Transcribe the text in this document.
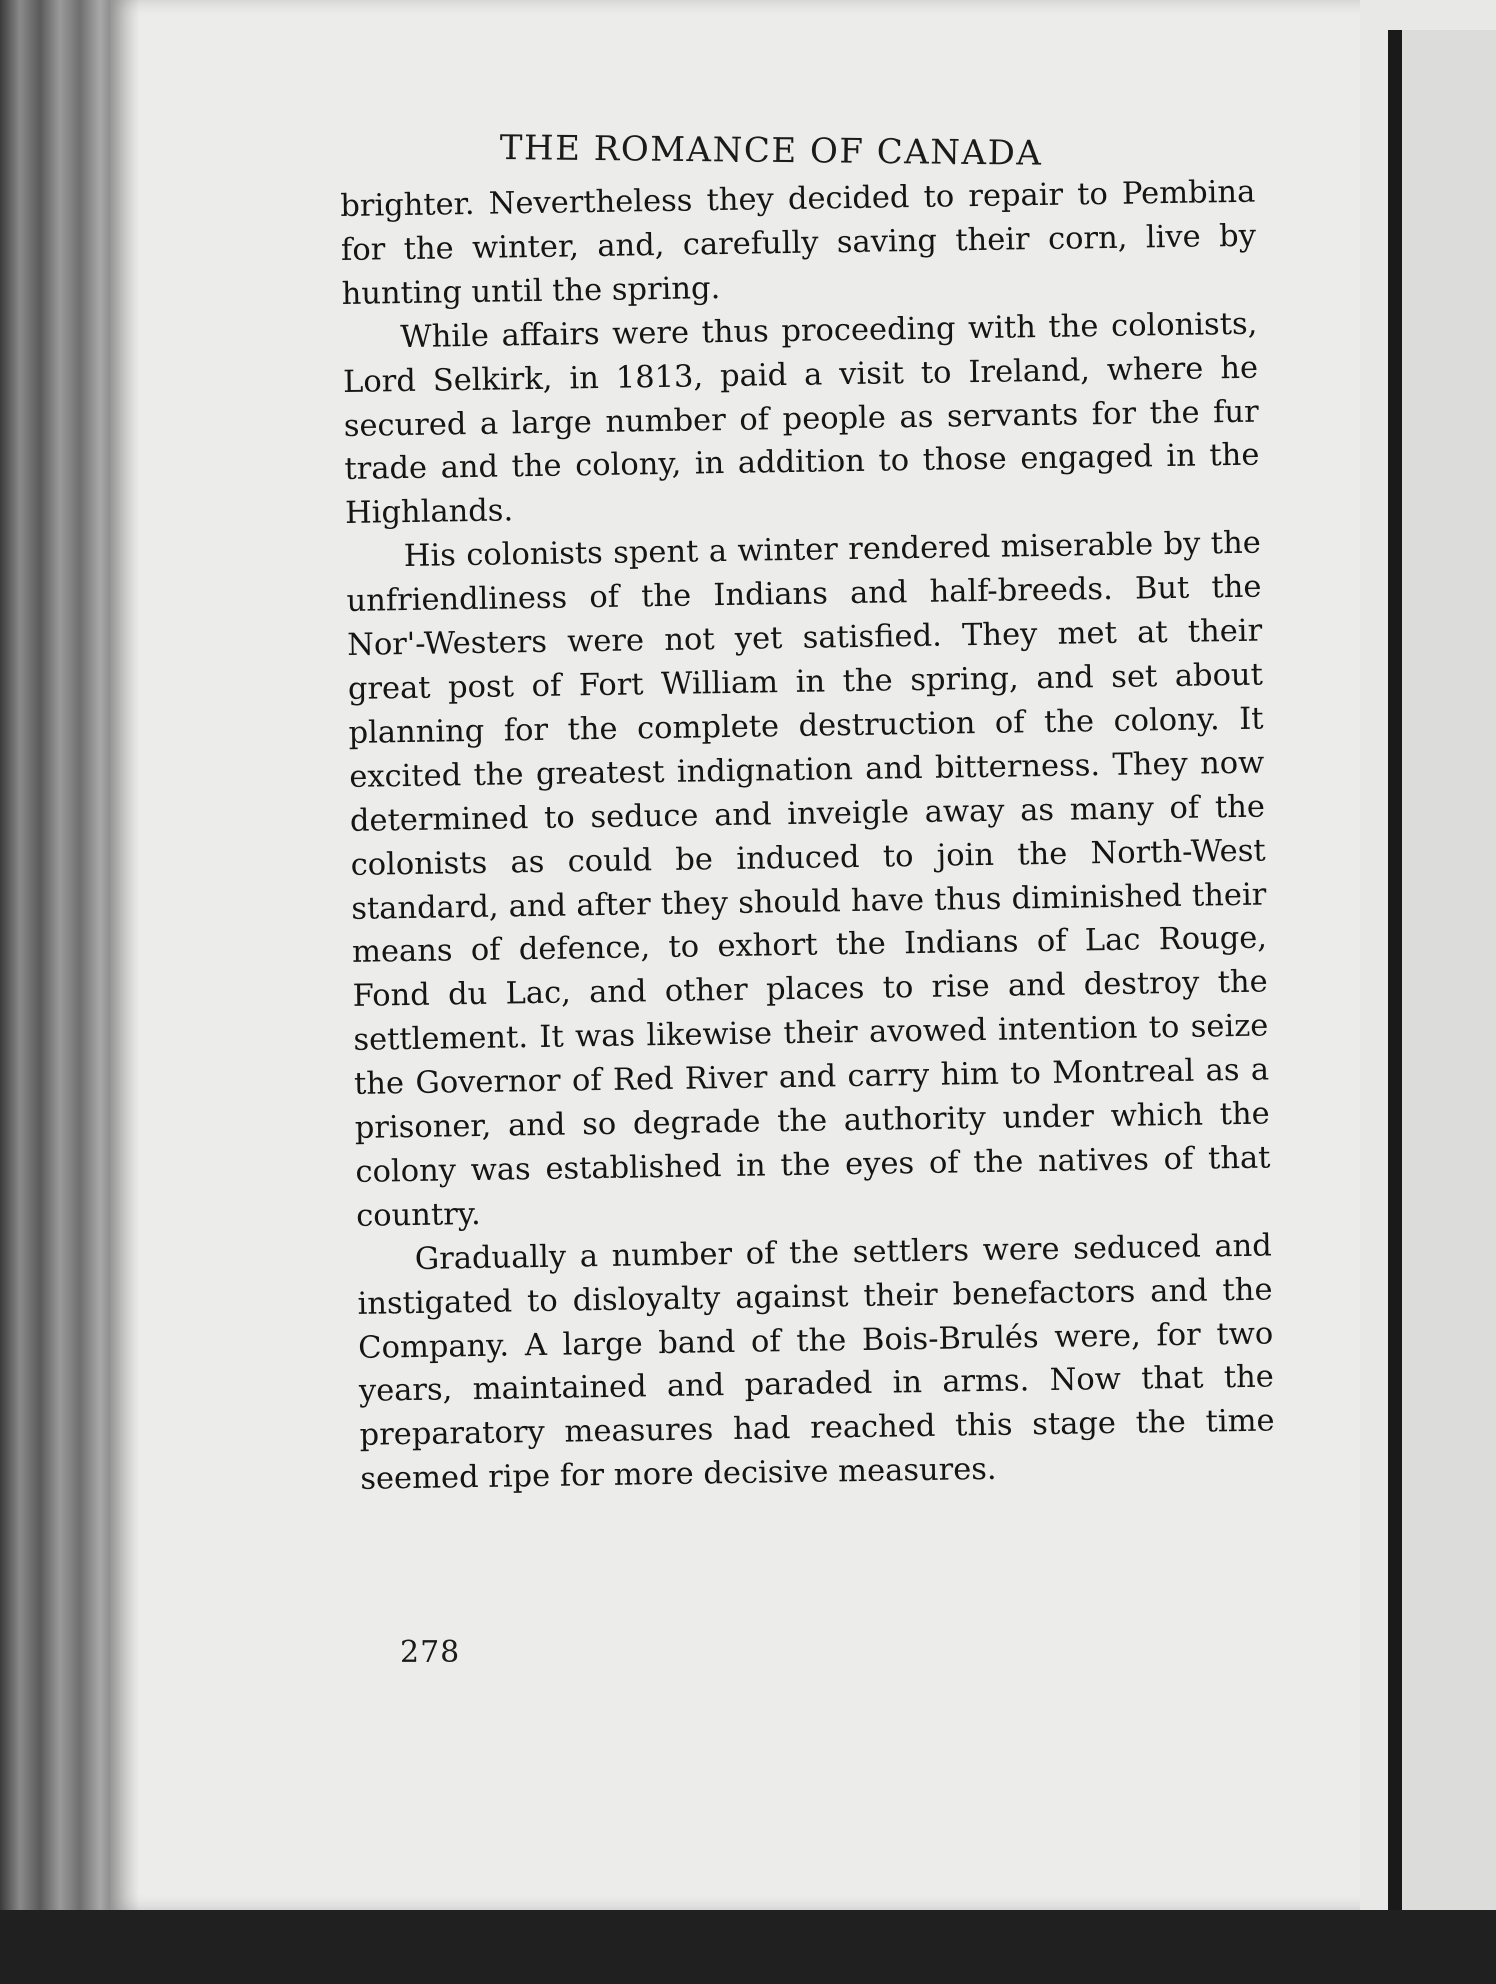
THE ROMANCE OF CANADA

brighter. Nevertheless they decided to repair to Pembina for the winter, and, carefully saving their corn, live by hunting until the spring.

While affairs were thus proceeding with the colonists, Lord Selkirk, in 1813, paid a visit to Ireland, where he secured a large number of people as servants for the fur trade and the colony, in addition to those engaged in the Highlands.

His colonists spent a winter rendered miserable by the unfriendliness of the Indians and half-breeds. But the Nor'-Westers were not yet satisfied. They met at their great post of Fort William in the spring, and set about planning for the complete destruction of the colony. It excited the greatest indignation and bitterness. They now determined to seduce and inveigle away as many of the colonists as could be induced to join the North-West standard, and after they should have thus diminished their means of defence, to exhort the Indians of Lac Rouge, Fond du Lac, and other places to rise and destroy the settlement. It was likewise their avowed intention to seize the Governor of Red River and carry him to Montreal as a prisoner, and so degrade the authority under which the colony was established in the eyes of the natives of that country.

Gradually a number of the settlers were seduced and instigated to disloyalty against their benefactors and the Company. A large band of the Bois-Brulés were, for two years, maintained and paraded in arms. Now that the preparatory measures had reached this stage the time seemed ripe for more decisive measures.

278
